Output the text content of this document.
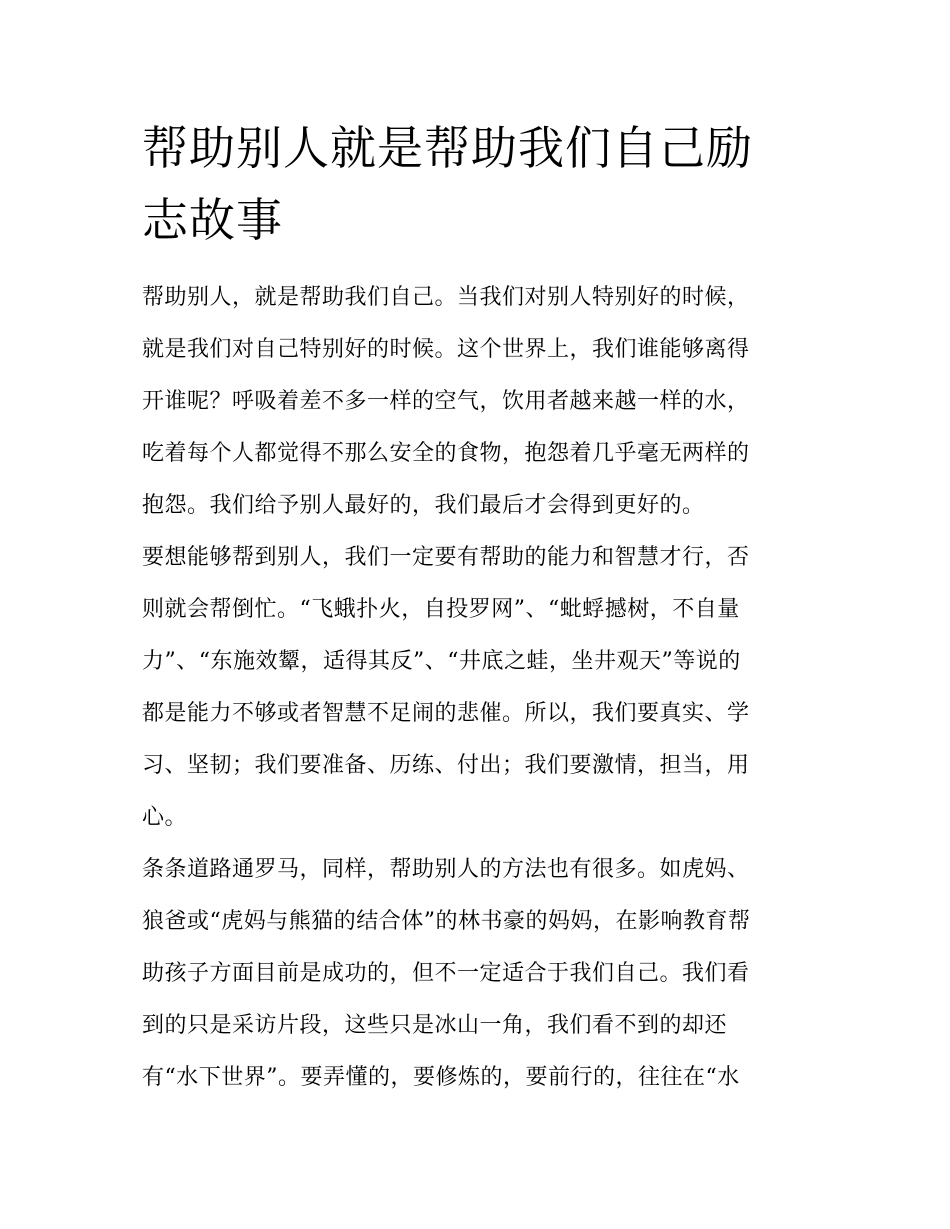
帮助别人就是帮助我们自己励
志故事

帮助别人，就是帮助我们自己。当我们对别人特别好的时候，
就是我们对自己特别好的时候。这个世界上，我们谁能够离得
开谁呢？呼吸着差不多一样的空气，饮用者越来越一样的水，
吃着每个人都觉得不那么安全的食物，抱怨着几乎毫无两样的
抱怨。我们给予别人最好的，我们最后才会得到更好的。

要想能够帮到别人，我们一定要有帮助的能力和智慧才行，否
则就会帮倒忙。“飞蛾扑火，自投罗网”、“蚍蜉撼树，不自量
力”、“东施效颦，适得其反”、“井底之蛙，坐井观天”等说的
都是能力不够或者智慧不足闹的悲催。所以，我们要真实、学
习、坚韧；我们要准备、历练、付出；我们要激情，担当，用
心。

条条道路通罗马，同样，帮助别人的方法也有很多。如虎妈、
狼爸或“虎妈与熊猫的结合体”的林书豪的妈妈，在影响教育帮
助孩子方面目前是成功的，但不一定适合于我们自己。我们看
到的只是采访片段，这些只是冰山一角，我们看不到的却还
有“水下世界”。要弄懂的，要修炼的，要前行的，往往在“水
